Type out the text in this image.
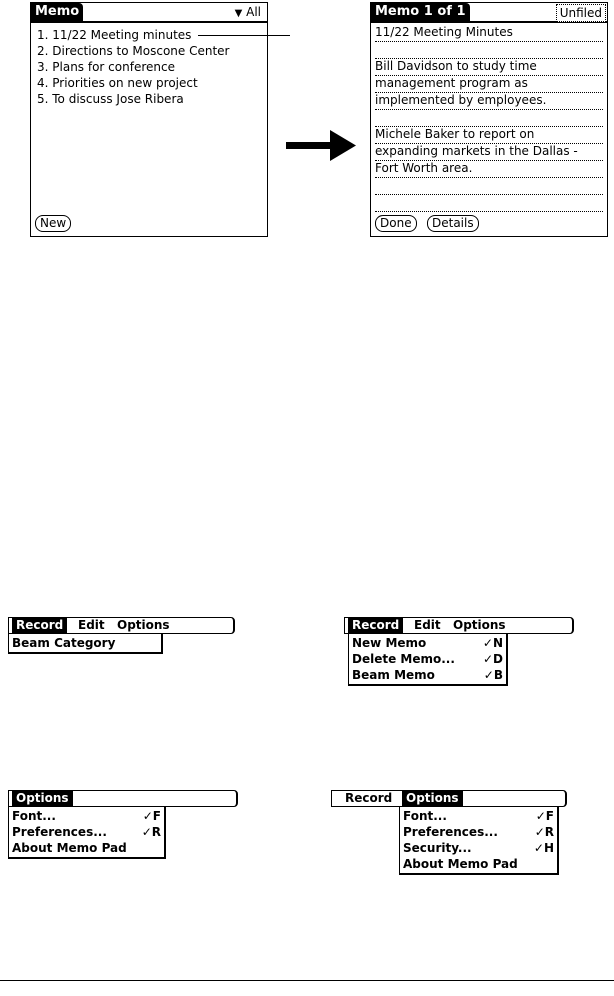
Memo	▼ All
1. 11/22 Meeting minutes
2. Directions to Moscone Center
3. Plans for conference
4. Priorities on new project
5. To discuss Jose Ribera
New
Memo 1 of 1	Unfiled
11/22 Meeting Minutes
Bill Davidson to study time
management program as
implemented by employees.
Michele Baker to report on
expanding markets in the Dallas -
Fort Worth area.
Done	Details
Record	Edit	Options
Beam Category
Record	Edit	Options
New Memo	✓N
Delete Memo... ✓D
Beam Memo	✓B
Options
Font...	✓F
Preferences...	✓R
About Memo Pad
Record	Options
Font...	✓F
Preferences...	✓R
Security...	✓H
About Memo Pad
